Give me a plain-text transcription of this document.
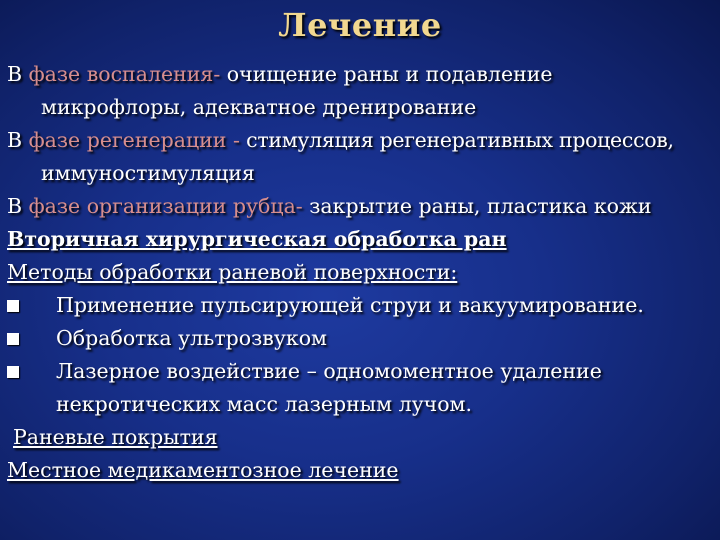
Лечение
В фазе воспаления- очищение раны и подавление
микрофлоры, адекватное дренирование
В фазе регенерации - стимуляция регенеративных процессов,
иммуностимуляция
В фазе организации рубца- закрытие раны, пластика кожи
Вторичная хирургическая обработка ран
Методы обработки раневой поверхности:
Применение пульсирующей струи и вакуумирование.
Обработка ультрозвуком
Лазерное воздействие – одномоментное удаление
некротических масс лазерным лучом.
Раневые покрытия
Местное медикаментозное лечение
